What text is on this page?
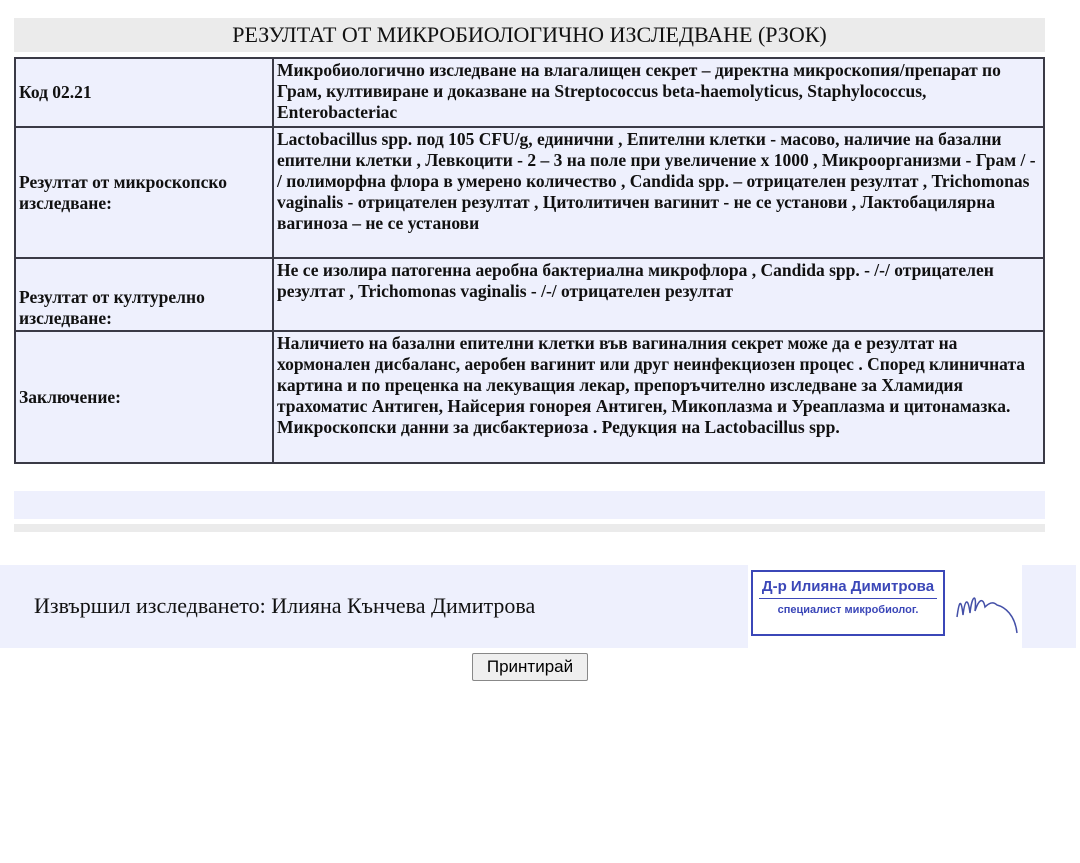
РЕЗУЛТАТ ОТ МИКРОБИОЛОГИЧНО ИЗСЛЕДВАНЕ (РЗОК)
Код 02.21	Микробиологично изследване на влагалищен секрет – директна микроскопия/препарат по Грам, култивиране и доказване на Streptococcus beta-haemolyticus, Staphylococcus, Enterobacteriac
Резултат от микроскопско изследване:	Lactobacillus spp. под 105 CFU/g, единични , Епителни клетки - масово, наличие на базални епителни клетки , Левкоцити - 2 – 3 на поле при увеличение х 1000 , Микроорганизми - Грам / - / полиморфна флора в умерено количество , Candida spp. – отрицателен резултат , Trichomonas vaginalis - отрицателен резултат , Цитолитичен вагинит - не се установи , Лактобацилярна вагиноза – не се установи
Резултат от културелно изследване:	Не се изолира патогенна аеробна бактериална микрофлора , Candida spp. - /-/ отрицателен резултат , Trichomonas vaginalis - /-/ отрицателен резултат
Заключение:	Наличието на базални епителни клетки във вагиналния секрет може да е резултат на хормонален дисбаланс, аеробен вагинит или друг неинфекциозен процес . Според клиничната картина и по преценка на лекуващия лекар, препоръчително изследване за Хламидия трахоматис Антиген, Найсерия гонорея Антиген, Микоплазма и Уреаплазма и цитонамазка. Микроскопски данни за дисбактериоза . Редукция на Lactobacillus spp.
Извършил изследването: Илияна Кънчева Димитрова
Д-р Илияна Димитрова
специалист микробиолог.
Принтирай
